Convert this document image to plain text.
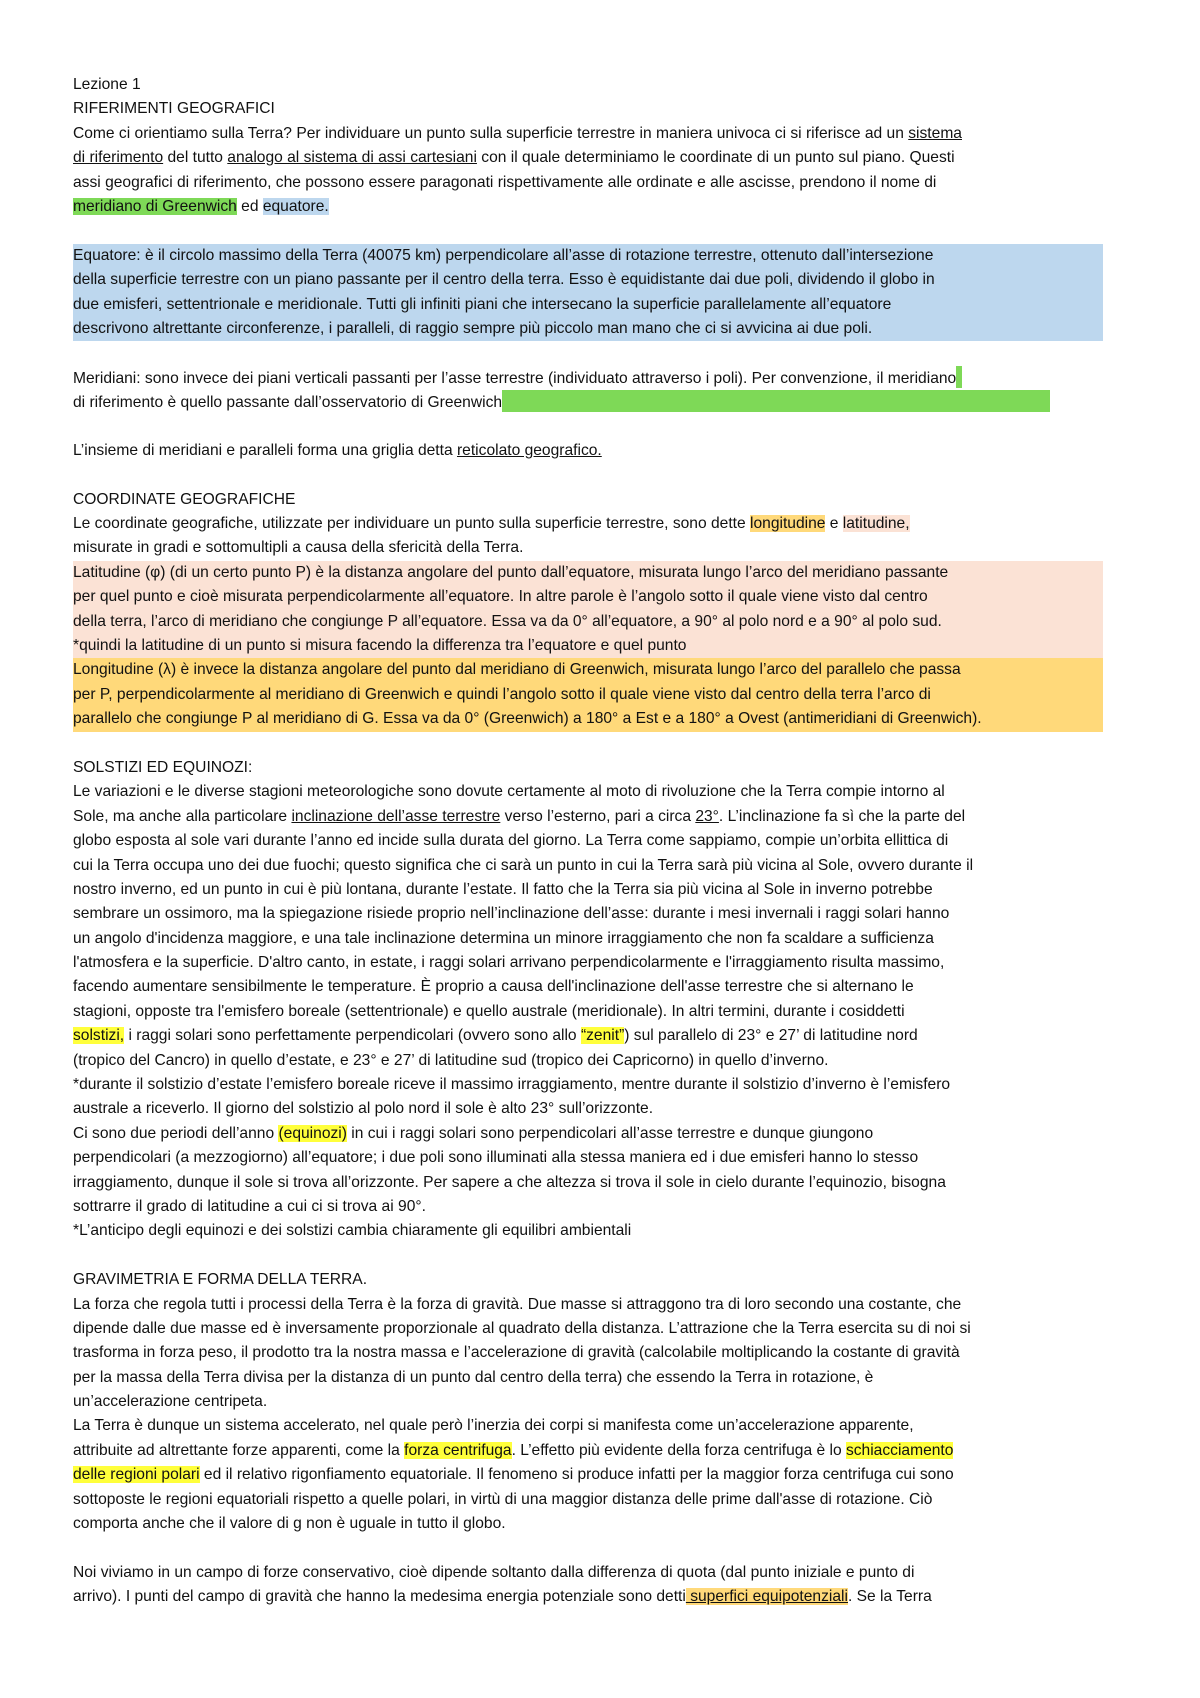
Lezione 1
RIFERIMENTI GEOGRAFICI
Come ci orientiamo sulla Terra? Per individuare un punto sulla superficie terrestre in maniera univoca ci si riferisce ad un sistema
di riferimento del tutto analogo al sistema di assi cartesiani con il quale determiniamo le coordinate di un punto sul piano. Questi
assi geografici di riferimento, che possono essere paragonati rispettivamente alle ordinate e alle ascisse, prendono il nome di
meridiano di Greenwich ed equatore.
Equatore: è il circolo massimo della Terra (40075 km) perpendicolare all’asse di rotazione terrestre, ottenuto dall’intersezione
della superficie terrestre con un piano passante per il centro della terra. Esso è equidistante dai due poli, dividendo il globo in
due emisferi, settentrionale e meridionale. Tutti gli infiniti piani che intersecano la superficie parallelamente all’equatore
descrivono altrettante circonferenze, i paralleli, di raggio sempre più piccolo man mano che ci si avvicina ai due poli.
Meridiani: sono invece dei piani verticali passanti per l’asse terrestre (individuato attraverso i poli). Per convenzione, il meridiano
di riferimento è quello passante dall’osservatorio di Greenwich
L’insieme di meridiani e paralleli forma una griglia detta reticolato geografico.
COORDINATE GEOGRAFICHE
Le coordinate geografiche, utilizzate per individuare un punto sulla superficie terrestre, sono dette longitudine e latitudine,
misurate in gradi e sottomultipli a causa della sfericità della Terra.
Latitudine (φ) (di un certo punto P) è la distanza angolare del punto dall’equatore, misurata lungo l’arco del meridiano passante
per quel punto e cioè misurata perpendicolarmente all’equatore. In altre parole è l’angolo sotto il quale viene visto dal centro
della terra, l’arco di meridiano che congiunge P all’equatore. Essa va da 0° all’equatore, a 90° al polo nord e a 90° al polo sud.
*quindi la latitudine di un punto si misura facendo la differenza tra l’equatore e quel punto
Longitudine (λ) è invece la distanza angolare del punto dal meridiano di Greenwich, misurata lungo l’arco del parallelo che passa
per P, perpendicolarmente al meridiano di Greenwich e quindi l’angolo sotto il quale viene visto dal centro della terra l’arco di
parallelo che congiunge P al meridiano di G. Essa va da 0° (Greenwich) a 180° a Est e a 180° a Ovest (antimeridiani di Greenwich).
SOLSTIZI ED EQUINOZI:
Le variazioni e le diverse stagioni meteorologiche sono dovute certamente al moto di rivoluzione che la Terra compie intorno al
Sole, ma anche alla particolare inclinazione dell’asse terrestre verso l’esterno, pari a circa 23°. L’inclinazione fa sì che la parte del
globo esposta al sole vari durante l’anno ed incide sulla durata del giorno. La Terra come sappiamo, compie un’orbita ellittica di
cui la Terra occupa uno dei due fuochi; questo significa che ci sarà un punto in cui la Terra sarà più vicina al Sole, ovvero durante il
nostro inverno, ed un punto in cui è più lontana, durante l’estate. Il fatto che la Terra sia più vicina al Sole in inverno potrebbe
sembrare un ossimoro, ma la spiegazione risiede proprio nell’inclinazione dell’asse: durante i mesi invernali i raggi solari hanno
un angolo d'incidenza maggiore, e una tale inclinazione determina un minore irraggiamento che non fa scaldare a sufficienza
l'atmosfera e la superficie. D'altro canto, in estate, i raggi solari arrivano perpendicolarmente e l'irraggiamento risulta massimo,
facendo aumentare sensibilmente le temperature. È proprio a causa dell'inclinazione dell'asse terrestre che si alternano le
stagioni, opposte tra l'emisfero boreale (settentrionale) e quello australe (meridionale). In altri termini, durante i cosiddetti
solstizi, i raggi solari sono perfettamente perpendicolari (ovvero sono allo “zenit”) sul parallelo di 23° e 27’ di latitudine nord
(tropico del Cancro) in quello d’estate, e 23° e 27’ di latitudine sud (tropico dei Capricorno) in quello d’inverno.
*durante il solstizio d’estate l’emisfero boreale riceve il massimo irraggiamento, mentre durante il solstizio d’inverno è l’emisfero
australe a riceverlo. Il giorno del solstizio al polo nord il sole è alto 23° sull’orizzonte.
Ci sono due periodi dell’anno (equinozi) in cui i raggi solari sono perpendicolari all’asse terrestre e dunque giungono
perpendicolari (a mezzogiorno) all’equatore; i due poli sono illuminati alla stessa maniera ed i due emisferi hanno lo stesso
irraggiamento, dunque il sole si trova all’orizzonte. Per sapere a che altezza si trova il sole in cielo durante l’equinozio, bisogna
sottrarre il grado di latitudine a cui ci si trova ai 90°.
*L’anticipo degli equinozi e dei solstizi cambia chiaramente gli equilibri ambientali
GRAVIMETRIA E FORMA DELLA TERRA.
La forza che regola tutti i processi della Terra è la forza di gravità. Due masse si attraggono tra di loro secondo una costante, che
dipende dalle due masse ed è inversamente proporzionale al quadrato della distanza. L’attrazione che la Terra esercita su di noi si
trasforma in forza peso, il prodotto tra la nostra massa e l’accelerazione di gravità (calcolabile moltiplicando la costante di gravità
per la massa della Terra divisa per la distanza di un punto dal centro della terra) che essendo la Terra in rotazione, è
un’accelerazione centripeta.
La Terra è dunque un sistema accelerato, nel quale però l’inerzia dei corpi si manifesta come un’accelerazione apparente,
attribuite ad altrettante forze apparenti, come la forza centrifuga. L’effetto più evidente della forza centrifuga è lo schiacciamento
delle regioni polari ed il relativo rigonfiamento equatoriale. Il fenomeno si produce infatti per la maggior forza centrifuga cui sono
sottoposte le regioni equatoriali rispetto a quelle polari, in virtù di una maggior distanza delle prime dall'asse di rotazione. Ciò
comporta anche che il valore di g non è uguale in tutto il globo.
Noi viviamo in un campo di forze conservativo, cioè dipende soltanto dalla differenza di quota (dal punto iniziale e punto di
arrivo). I punti del campo di gravità che hanno la medesima energia potenziale sono detti superfici equipotenziali. Se la Terra
